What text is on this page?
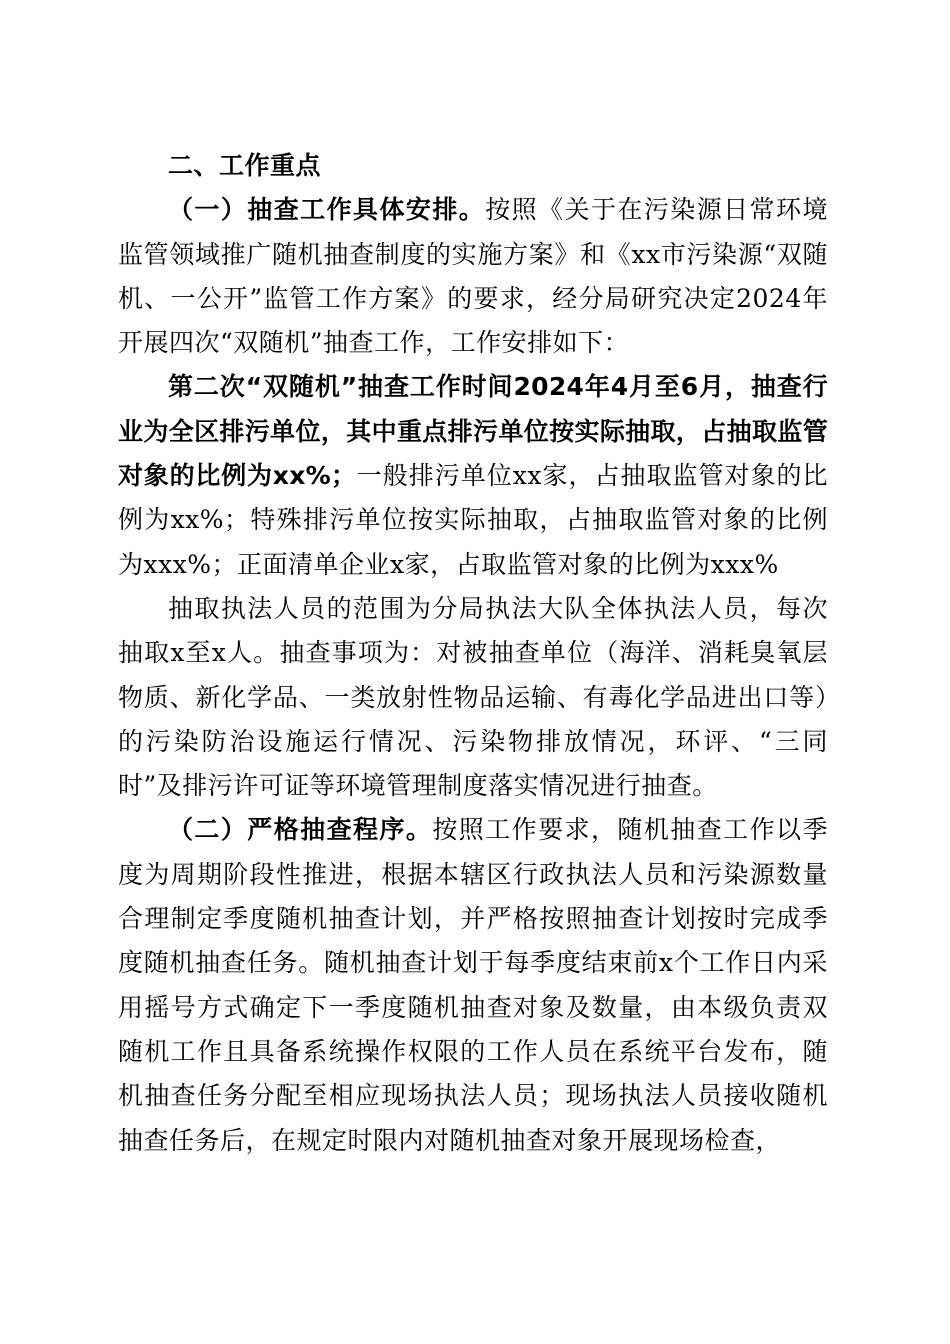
二、工作重点

（一）抽查工作具体安排。按照《关于在污染源日常环境监管领域推广随机抽查制度的实施方案》和《xx市污染源“双随机、一公开”监管工作方案》的要求，经分局研究决定2024年开展四次“双随机”抽查工作，工作安排如下：

第二次“双随机”抽查工作时间2024年4月至6月，抽查行业为全区排污单位，其中重点排污单位按实际抽取，占抽取监管对象的比例为xx%；一般排污单位xx家，占抽取监管对象的比例为xx%；特殊排污单位按实际抽取，占抽取监管对象的比例为xxx%；正面清单企业x家，占取监管对象的比例为xxx%

抽取执法人员的范围为分局执法大队全体执法人员，每次抽取x至x人。抽查事项为：对被抽查单位（海洋、消耗臭氧层物质、新化学品、一类放射性物品运输、有毒化学品进出口等）的污染防治设施运行情况、污染物排放情况，环评、“三同时”及排污许可证等环境管理制度落实情况进行抽查。

（二）严格抽查程序。按照工作要求，随机抽查工作以季度为周期阶段性推进，根据本辖区行政执法人员和污染源数量合理制定季度随机抽查计划，并严格按照抽查计划按时完成季度随机抽查任务。随机抽查计划于每季度结束前x个工作日内采用摇号方式确定下一季度随机抽查对象及数量，由本级负责双随机工作且具备系统操作权限的工作人员在系统平台发布，随机抽查任务分配至相应现场执法人员；现场执法人员接收随机抽查任务后，在规定时限内对随机抽查对象开展现场检查，
